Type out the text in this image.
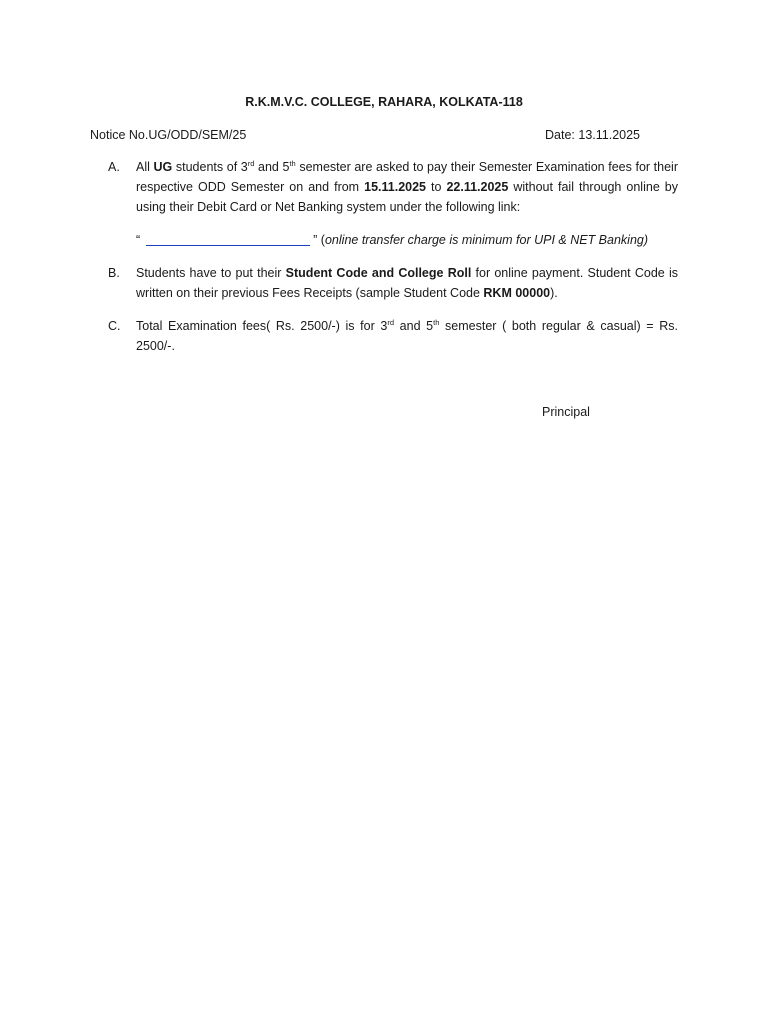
R.K.M.V.C. COLLEGE, RAHARA, KOLKATA-118
Notice No.UG/ODD/SEM/25	Date: 13.11.2025
A.	All UG students of 3rd and 5th semester are asked to pay their Semester Examination fees for their respective ODD Semester on and from 15.11.2025 to 22.11.2025 without fail through online by using their Debit Card or Net Banking system under the following link:
“	” (online transfer charge is minimum for UPI & NET Banking)
B.	Students have to put their Student Code and College Roll for online payment. Student Code is written on their previous Fees Receipts (sample Student Code RKM 00000).
C.	Total Examination fees( Rs. 2500/-) is for 3rd and 5th semester ( both regular & casual) = Rs. 2500/-.
Principal
